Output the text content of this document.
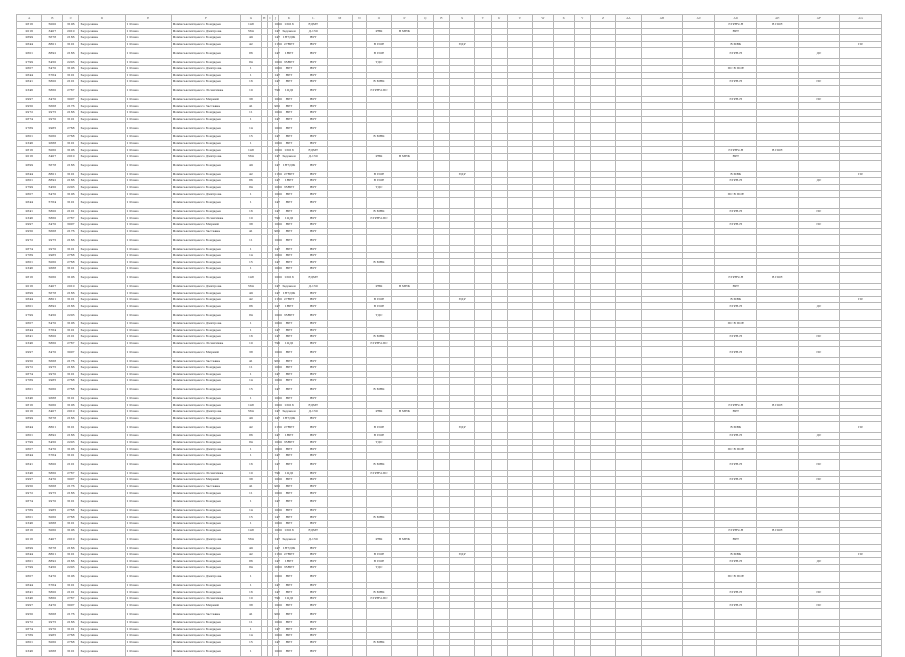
A	B	C	D	E	F	G	H	I	J	K	L	M	N	O	P	Q	R	S	T	U	V	W	X	Y	Z	AA	AB	AC	AD	AE	AF	AG
2816	5000	3106	Задорожна	1 Ровно	Фомінськомісцевого Бондарев	148			1000	13016	ЕДМТ																		ЄГРНЧ-Н	В ПОЕ		
2016	3407	2010	Задорожна	1 Ровно	Фомінськомісцевого Дмитрова	564			147	Задонюк	Д-150			РНК	В МНК														ЯРТ			
2899	5678	2166	Задорожна	1 Ровно	Фомінськомісцевого Бондарев	49			147	1Н7ДІК	ЯРТ																					
2844	8801	3101	Задорожна	1 Ровно	Фомінськомісцевого Бондарев	42			1150	27ЯРТ	ЯРТ			В ПОЕ				ЄДР											В МВК			ПС
2801	8892	2166	Задорожна	1 Ровно	Фомінськомісцевого Бондарев	86			147	1ЯРТ	ЯРТ			В ПОЕ															ЄГРН-Н		ДС	
2799	5450	2203	Задорожна	1 Ровно	Фомінськомісцевого Бондарев	84			1000	35ЯРТ	ЯРТ			ТДС																		
2807	5470	3106	Задорожна	1 Ровно	Фомінськомісцевого Дмитрова	1			1000	ЯРТ	ЯРТ																		ПС В ПОЕ			
2844	5764	3101	Задорожна	1 Ровно	Фомінськомісцевого Бондарев	1			147	ЯРТ	ЯРТ																					
2841	5800	2101	Задорожна	1 Ровно	Фомінськомісцевого Бондарев	16			147	ЯРТ	ЯРТ			В МНК															ЄГРН-Н		ПС	
2346	5860	2767	Задорожна	1 Ровно	Фомінськомісцевого Лісничівка	10			796	1ЦДІ	ЯРТ			ЄГРНЧ-ПС																		
2997	3470	3007	Задорожна	1 Ровно	Фомінськомісцевого Мирний	38			1000	ЯРТ	ЯРТ																		ЄГРН-Н		ПС	
2950	5668	2176	Задорожна	1 Ровно	Фомінськомісцевого Заставна	41			962	ЯРТ	ЯРТ																					
2972	2975	2166	Задорожна	1 Ровно	Фомінськомісцевого Бондарев	11			1000	ЯРТ	ЯРТ																					
2874	2970	3101	Задорожна	1 Ровно	Фомінськомісцевого Бондарев	1			147	ЯРТ	ЯРТ																					
2789	2985	2768	Задорожна	1 Ровно	Фомінськомісцевого Бондарев	14			1000	ЯРТ	ЯРТ																					
2801	5060	2768	Задорожна	1 Ровно	Фомінськомісцевого Бондарев	15			147	ЯРТ	ЯРТ			В МНК																		
2346	2688	3101	Задорожна	1 Ровно	Фомінськомісцевого Бондарев	1			1000	ЯРТ	ЯРТ																					
2816	5060	3106	Задорожна	1 Ровно	Фомінськомісцевого Бондарев	148			1000	13016	ЕДМТ																		ЄГРНЧ-Н	В ПОЕ		
2016	3407	2010	Задорожна	1 Ровно	Фомінськомісцевого Дмитрова	564			147	Задонюк	Д-150			РНК	В МНК														ЯРТ			
2899	5678	2166	Задорожна	1 Ровно	Фомінськомісцевого Бондарев	49			147	1Н7ДІК	ЯРТ																					
2844	8801	3101	Задорожна	1 Ровно	Фомінськомісцевого Бондарев	42			1150	27ЯРТ	ЯРТ			В ПОЕ				ЄДР											В МВК			ПС
2801	8892	2166	Задорожна	1 Ровно	Фомінськомісцевого Бондарев	86			147	1ЯРТ	ЯРТ			В ПОЕ															ЄГРН-Н		ДС	
2799	5450	2203	Задорожна	1 Ровно	Фомінськомісцевого Бондарев	84			1000	35ЯРТ	ЯРТ			ТДС																		
2807	5470	3106	Задорожна	1 Ровно	Фомінськомісцевого Дмитрова	1			1000	ЯРТ	ЯРТ																		ПС В ПОЕ			
2844	5764	3101	Задорожна	1 Ровно	Фомінськомісцевого Бондарев	1			147	ЯРТ	ЯРТ																					
2841	5800	2101	Задорожна	1 Ровно	Фомінськомісцевого Бондарев	16			147	ЯРТ	ЯРТ			В МНК															ЄГРН-Н		ПС	
2346	5860	2767	Задорожна	1 Ровно	Фомінськомісцевого Лісничівка	10			796	1ЦДІ	ЯРТ			ЄГРНЧ-ПС																		
2997	3470	3007	Задорожна	1 Ровно	Фомінськомісцевого Мирний	38			1000	ЯРТ	ЯРТ																		ЄГРН-Н		ПС	
2950	5668	2176	Задорожна	1 Ровно	Фомінськомісцевого Заставна	41			962	ЯРТ	ЯРТ																					
2972	2975	2166	Задорожна	1 Ровно	Фомінськомісцевого Бондарев	11			1000	ЯРТ	ЯРТ																					
2874	2970	3101	Задорожна	1 Ровно	Фомінськомісцевого Бондарев	1			147	ЯРТ	ЯРТ																					
2789	2985	2768	Задорожна	1 Ровно	Фомінськомісцевого Бондарев	14			1000	ЯРТ	ЯРТ																					
2801	5060	2768	Задорожна	1 Ровно	Фомінськомісцевого Бондарев	15			147	ЯРТ	ЯРТ			В МНК																		
2346	2688	3101	Задорожна	1 Ровно	Фомінськомісцевого Бондарев	1			1000	ЯРТ	ЯРТ																					
2816	5060	3106	Задорожна	1 Ровно	Фомінськомісцевого Бондарев	148			1000	13016	ЕДМТ																		ЄГРНЧ-Н	В ПОЕ		
2016	3407	2010	Задорожна	1 Ровно	Фомінськомісцевого Дмитрова	564			147	Задонюк	Д-150			РНК	В МНК														ЯРТ			
2899	5678	2166	Задорожна	1 Ровно	Фомінськомісцевого Бондарев	49			147	1Н7ДІК	ЯРТ																					
2844	8801	3101	Задорожна	1 Ровно	Фомінськомісцевого Бондарев	42			1150	27ЯРТ	ЯРТ			В ПОЕ				ЄДР											В МВК			ПС
2801	8892	2166	Задорожна	1 Ровно	Фомінськомісцевого Бондарев	86			147	1ЯРТ	ЯРТ			В ПОЕ															ЄГРН-Н		ДС	
2799	5450	2203	Задорожна	1 Ровно	Фомінськомісцевого Бондарев	84			1000	35ЯРТ	ЯРТ			ТДС																		
2807	5470	3106	Задорожна	1 Ровно	Фомінськомісцевого Дмитрова	1			1000	ЯРТ	ЯРТ																		ПС В ПОЕ			
2844	5764	3101	Задорожна	1 Ровно	Фомінськомісцевого Бондарев	1			147	ЯРТ	ЯРТ																					
2841	5800	2101	Задорожна	1 Ровно	Фомінськомісцевого Бондарев	16			147	ЯРТ	ЯРТ			В МНК															ЄГРН-Н		ПС	
2346	5860	2767	Задорожна	1 Ровно	Фомінськомісцевого Лісничівка	10			796	1ЦДІ	ЯРТ			ЄГРНЧ-ПС																		
2997	3470	3007	Задорожна	1 Ровно	Фомінськомісцевого Мирний	38			1000	ЯРТ	ЯРТ																		ЄГРН-Н		ПС	
2950	5668	2176	Задорожна	1 Ровно	Фомінськомісцевого Заставна	41			962	ЯРТ	ЯРТ																					
2972	2975	2166	Задорожна	1 Ровно	Фомінськомісцевого Бондарев	11			1000	ЯРТ	ЯРТ																					
2874	2970	3101	Задорожна	1 Ровно	Фомінськомісцевого Бондарев	1			147	ЯРТ	ЯРТ																					
2789	2985	2768	Задорожна	1 Ровно	Фомінськомісцевого Бондарев	14			1000	ЯРТ	ЯРТ																					
2801	5060	2768	Задорожна	1 Ровно	Фомінськомісцевого Бондарев	15			147	ЯРТ	ЯРТ			В МНК																		
2346	2688	3101	Задорожна	1 Ровно	Фомінськомісцевого Бондарев	1			1000	ЯРТ	ЯРТ																					
2816	5060	3106	Задорожна	1 Ровно	Фомінськомісцевого Бондарев	148			1000	13016	ЕДМТ																		ЄГРНЧ-Н	В ПОЕ		
2016	3407	2010	Задорожна	1 Ровно	Фомінськомісцевого Дмитрова	564			147	Задонюк	Д-150			РНК	В МНК														ЯРТ			
2899	5678	2166	Задорожна	1 Ровно	Фомінськомісцевого Бондарев	49			147	1Н7ДІК	ЯРТ																					
2844	8801	3101	Задорожна	1 Ровно	Фомінськомісцевого Бондарев	42			1150	27ЯРТ	ЯРТ			В ПОЕ				ЄДР											В МВК			ПС
2801	8892	2166	Задорожна	1 Ровно	Фомінськомісцевого Бондарев	86			147	1ЯРТ	ЯРТ			В ПОЕ															ЄГРН-Н		ДС	
2799	5450	2203	Задорожна	1 Ровно	Фомінськомісцевого Бондарев	84			1000	35ЯРТ	ЯРТ			ТДС																		
2807	5470	3106	Задорожна	1 Ровно	Фомінськомісцевого Дмитрова	1			1000	ЯРТ	ЯРТ																		ПС В ПОЕ			
2844	5764	3101	Задорожна	1 Ровно	Фомінськомісцевого Бондарев	1			147	ЯРТ	ЯРТ																					
2841	5800	2101	Задорожна	1 Ровно	Фомінськомісцевого Бондарев	16			147	ЯРТ	ЯРТ			В МНК															ЄГРН-Н		ПС	
2346	5860	2767	Задорожна	1 Ровно	Фомінськомісцевого Лісничівка	10			796	1ЦДІ	ЯРТ			ЄГРНЧ-ПС																		
2997	3470	3007	Задорожна	1 Ровно	Фомінськомісцевого Мирний	38			1000	ЯРТ	ЯРТ																		ЄГРН-Н		ПС	
2950	5668	2176	Задорожна	1 Ровно	Фомінськомісцевого Заставна	41			962	ЯРТ	ЯРТ																					
2972	2975	2166	Задорожна	1 Ровно	Фомінськомісцевого Бондарев	11			1000	ЯРТ	ЯРТ																					
2874	2970	3101	Задорожна	1 Ровно	Фомінськомісцевого Бондарев	1			147	ЯРТ	ЯРТ																					
2789	2985	2768	Задорожна	1 Ровно	Фомінськомісцевого Бондарев	14			1000	ЯРТ	ЯРТ																					
2801	5060	2768	Задорожна	1 Ровно	Фомінськомісцевого Бондарев	15			147	ЯРТ	ЯРТ			В МНК																		
2346	2688	3101	Задорожна	1 Ровно	Фомінськомісцевого Бондарев	1			1000	ЯРТ	ЯРТ																					
2816	5060	3106	Задорожна	1 Ровно	Фомінськомісцевого Бондарев	148			1000	13016	ЕДМТ																		ЄГРНЧ-Н	В ПОЕ		
2016	3407	2010	Задорожна	1 Ровно	Фомінськомісцевого Дмитрова	564			147	Задонюк	Д-150			РНК	В МНК														ЯРТ			
2899	5678	2166	Задорожна	1 Ровно	Фомінськомісцевого Бондарев	49			147	1Н7ДІК	ЯРТ																					
2844	8801	3101	Задорожна	1 Ровно	Фомінськомісцевого Бондарев	42			1150	27ЯРТ	ЯРТ			В ПОЕ				ЄДР											В МВК			ПС
2801	8892	2166	Задорожна	1 Ровно	Фомінськомісцевого Бондарев	86			147	1ЯРТ	ЯРТ			В ПОЕ															ЄГРН-Н		ДС	
2799	5450	2203	Задорожна	1 Ровно	Фомінськомісцевого Бондарев	84			1000	35ЯРТ	ЯРТ			ТДС																		
2807	5470	3106	Задорожна	1 Ровно	Фомінськомісцевого Дмитрова	1			1000	ЯРТ	ЯРТ																		ПС В ПОЕ			
2844	5764	3101	Задорожна	1 Ровно	Фомінськомісцевого Бондарев	1			147	ЯРТ	ЯРТ																					
2841	5800	2101	Задорожна	1 Ровно	Фомінськомісцевого Бондарев	16			147	ЯРТ	ЯРТ			В МНК															ЄГРН-Н		ПС	
2346	5860	2767	Задорожна	1 Ровно	Фомінськомісцевого Лісничівка	10			796	1ЦДІ	ЯРТ			ЄГРНЧ-ПС																		
2997	3470	3007	Задорожна	1 Ровно	Фомінськомісцевого Мирний	38			1000	ЯРТ	ЯРТ																		ЄГРН-Н		ПС	
2950	5668	2176	Задорожна	1 Ровно	Фомінськомісцевого Заставна	41			962	ЯРТ	ЯРТ																					
2972	2975	2166	Задорожна	1 Ровно	Фомінськомісцевого Бондарев	11			1000	ЯРТ	ЯРТ																					
2874	2970	3101	Задорожна	1 Ровно	Фомінськомісцевого Бондарев	1			147	ЯРТ	ЯРТ																					
2789	2985	2768	Задорожна	1 Ровно	Фомінськомісцевого Бондарев	14			1000	ЯРТ	ЯРТ																					
2801	5060	2768	Задорожна	1 Ровно	Фомінськомісцевого Бондарев	15			147	ЯРТ	ЯРТ			В МНК																		
2346	2688	3101	Задорожна	1 Ровно	Фомінськомісцевого Бондарев	1			1000	ЯРТ	ЯРТ																					
